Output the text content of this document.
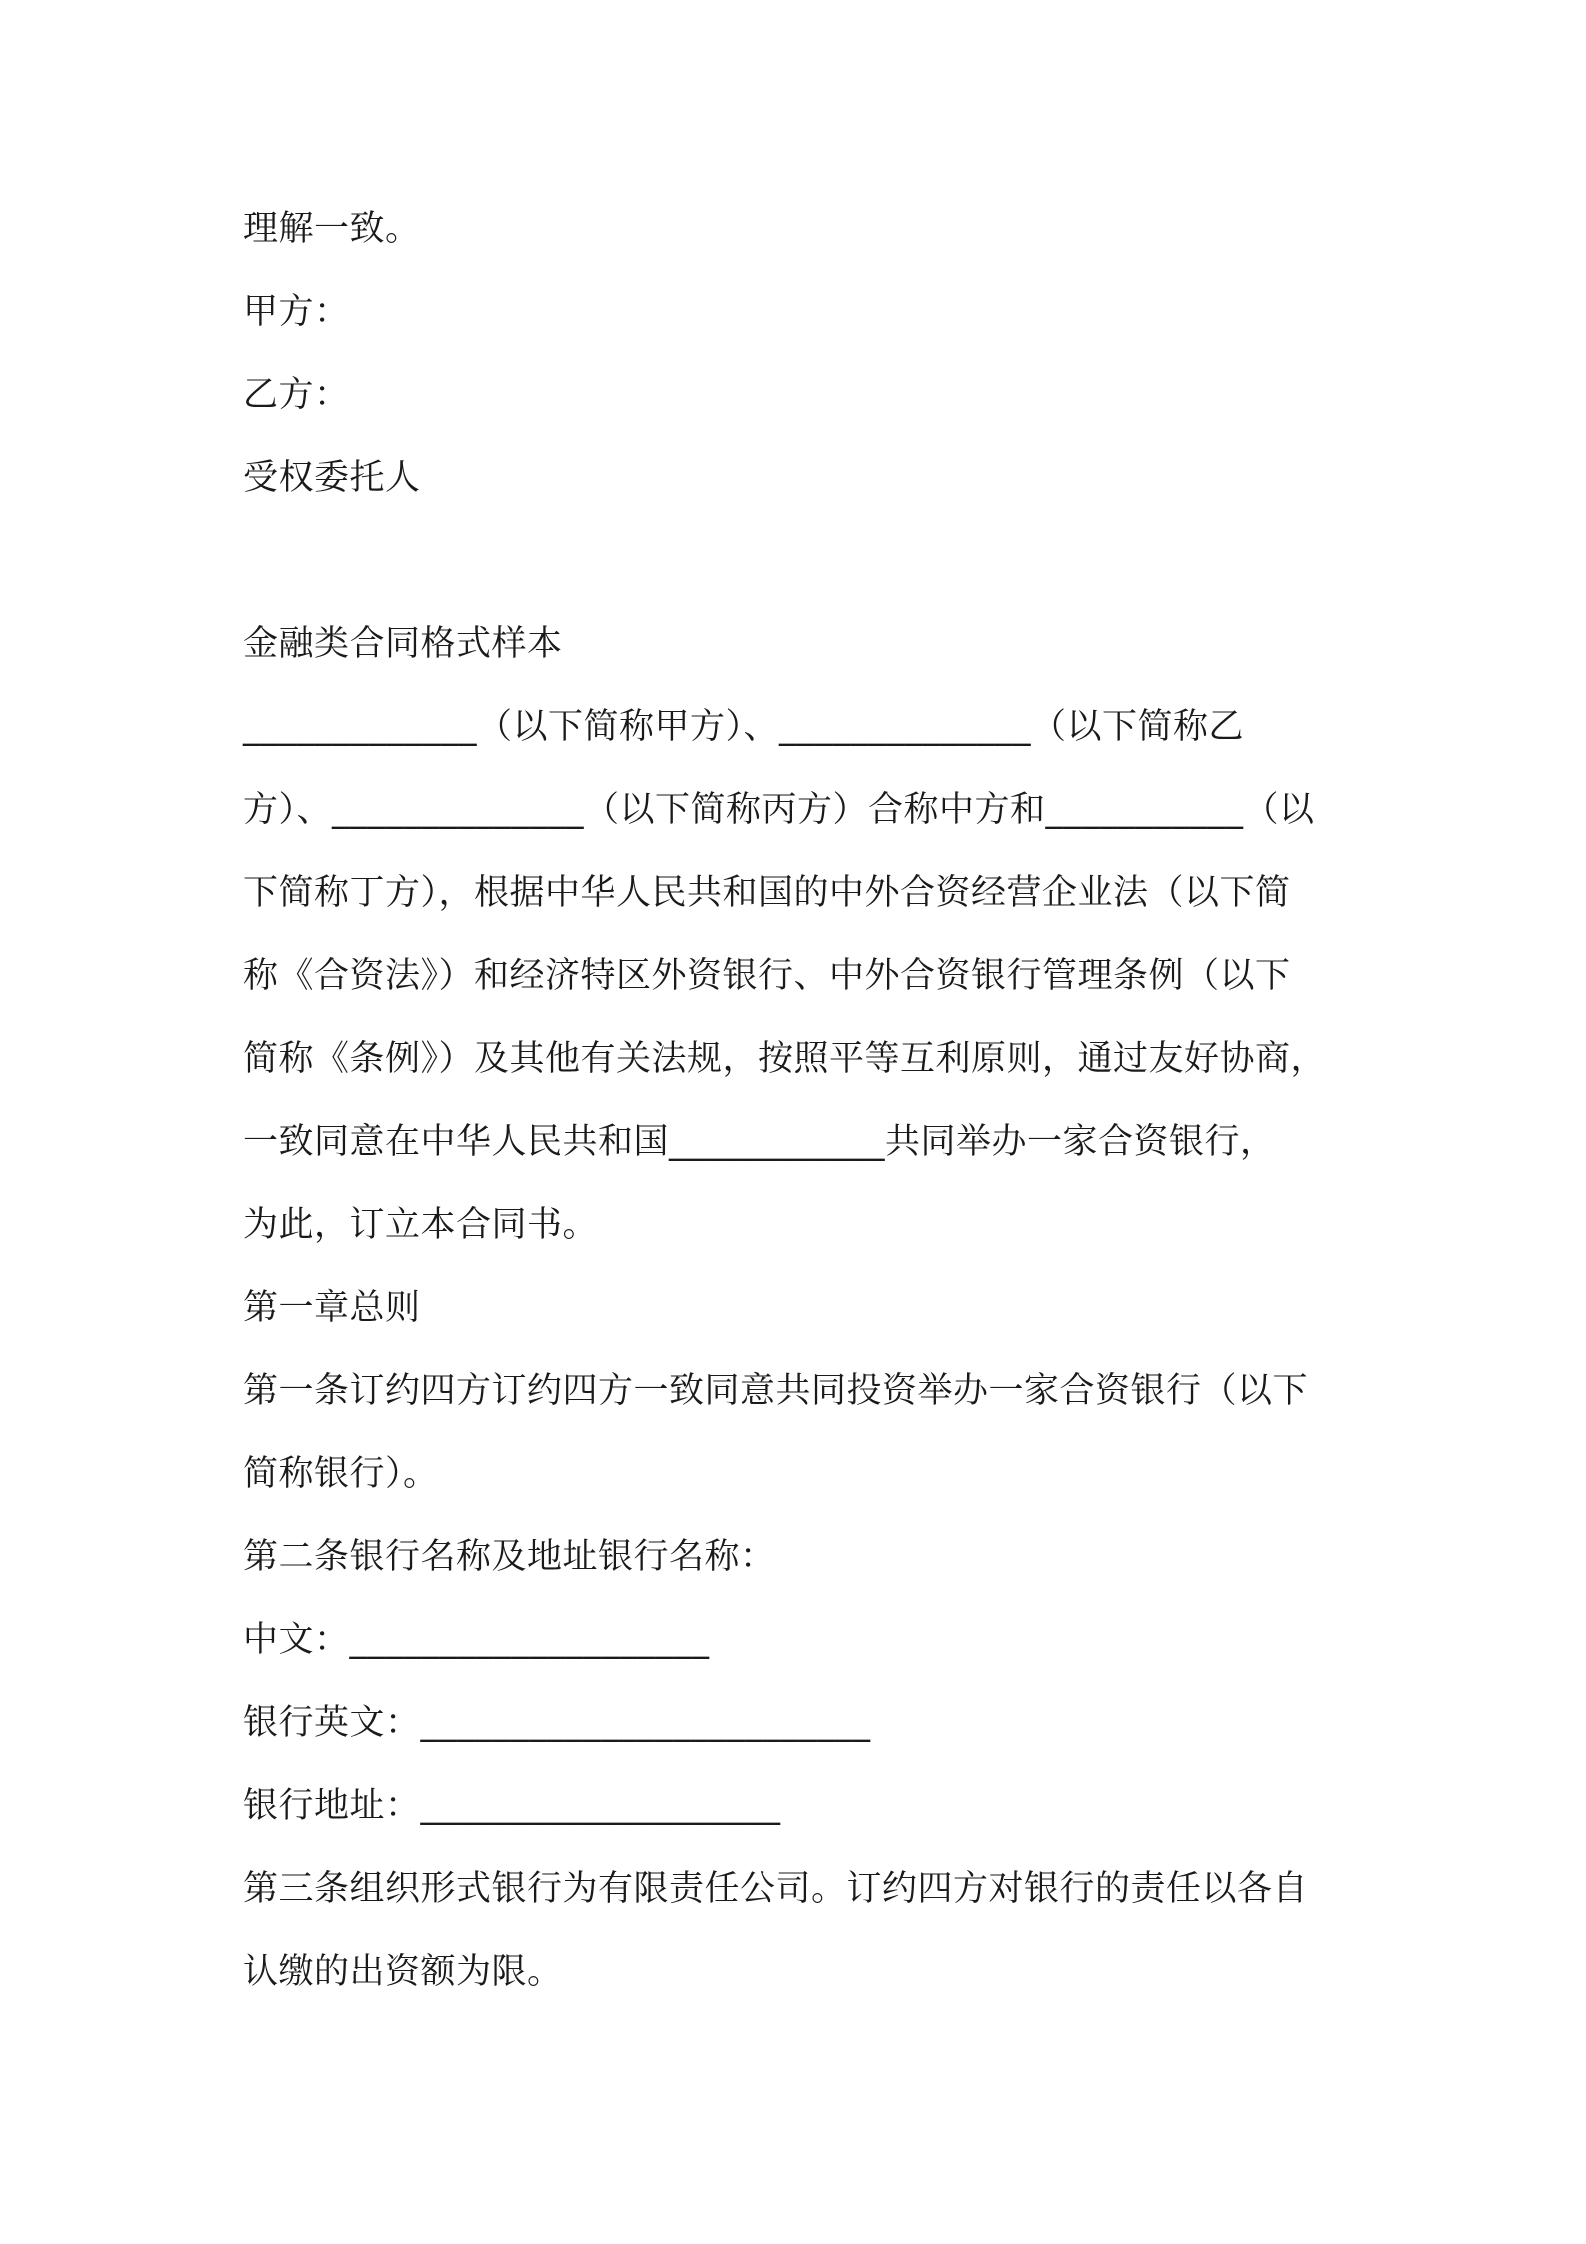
理解一致。
甲方：
乙方：
受权委托人
金融类合同格式样本
_____________（以下简称甲方）、______________（以下简称乙
方）、______________（以下简称丙方）合称中方和___________（以
下简称丁方），根据中华人民共和国的中外合资经营企业法（以下简
称《合资法》）和经济特区外资银行、中外合资银行管理条例（以下
简称《条例》）及其他有关法规，按照平等互利原则，通过友好协商，
一致同意在中华人民共和国____________共同举办一家合资银行，
为此，订立本合同书。
第一章总则
第一条订约四方订约四方一致同意共同投资举办一家合资银行（以下
简称银行）。
第二条银行名称及地址银行名称：
中文：____________________
银行英文：_________________________
银行地址：____________________
第三条组织形式银行为有限责任公司。订约四方对银行的责任以各自
认缴的出资额为限。
